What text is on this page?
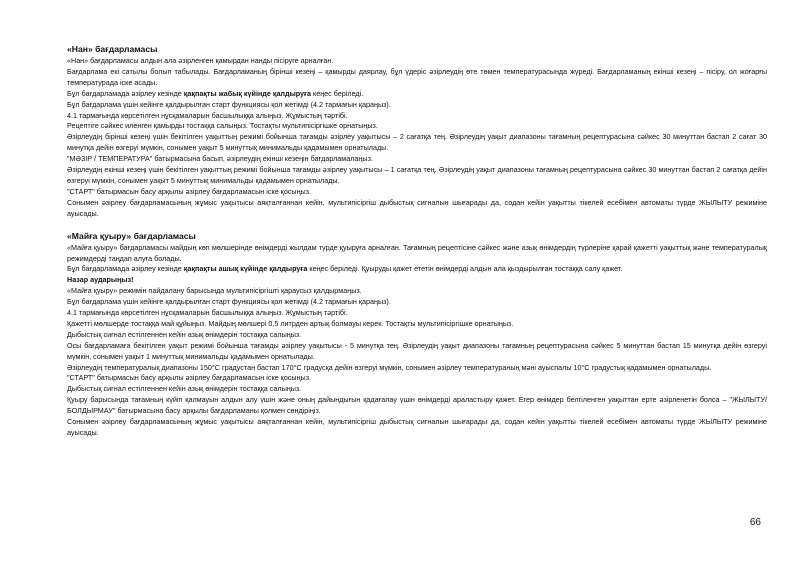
«Нан» бағдарламасы

«Нан» бағдарламасы алдын ала әзірленген қамырдан нанды пісіруге арналған.

Бағдарлама екі сатылы болып табылады. Бағдарламаның бірінші кезеңі – қамырды даярлау, бұл үдеріс әзірлеудің өте төмен температурасында жүреді. Бағдарламаның екінші кезеңі – пісіру, ол жоғарғы температурада іске асады.

Бұл бағдарламада әзірлеу кезінде қақпақты жабық күйінде қалдыруға кеңес беріледі.

Бұл бағдарлама үшін кейінге қалдырылған старт функциясы қол жетімді (4.2 тармағын қараңыз).

4.1 тармағында көрсетілген нұсқамаларын басшылыққа алыңыз. Жұмыстың тәртібі.

Рецептіге сәйкес иленген қамырды тостаққа салыңыз. Тостақты мультипісіргішке орнатыңыз.

Әзірлеудің бірінші кезеңі үшін бекітілген уақыттың режимі бойынша тағамды әзірлеу уақытысы – 2 сағатқа тең. Әзірлеудің уақыт диапазоны тағамның рецептурасына сәйкес 30 минуттан бастап 2 сағат 30 минутқа дейін өзгеруі мүмкін, сонымен уақыт 5 минуттық минимальды қадамымен орнатылады.

"МӘЗІР / ТЕМПЕРАТУРА" батырмасына басып, әзірлеудің екінші кезеңін бағдарламалаңыз.

Әзірлеудің екінші кезеңі үшін бекітілген уақыттың режимі бойынша тағамды әзірлеу уақытысы – 1 сағатқа тең. Әзірлеудің уақыт диапазоны тағамның рецептурасына сәйкес 30 минуттан бастап 2 сағатқа дейін өзгеруі мүмкін, сонымен уақыт 5 минуттық минимальды қадамымен орнатылады.

"СТАРТ" батырмасын басу арқылы әзірлеу бағдарламасын іске қосыңыз.

Сонымен әзірлеу бағдарламасының жұмыс уақытысы аяқталғаннан кейін, мультипісіргіш дыбыстық сигналын шығарады да, содан кейін уақытты тікелей есебімен автоматы түрде ЖЫЛЫТУ режиміне ауысады.

«Майға қуыру» бағдарламасы

«Майға қуыру» бағдарламасы майдың көп мөлшерінде өнімдерді жылдам түрде қуыруға арналған. Тағамның рецептісіне сәйкес және азық өнімдердің түрлеріне қарай қажетті уақыттық және температуралық режимдерді таңдап алуға болады.

Бұл бағдарламада әзірлеу кезінде қақпақты ашық күйінде қалдыруға кеңес беріледі. Қуыруды қажет ететін өнімдерді алдын ала қыздырылған тостаққа салу қажет.

Назар аударыңыз!

«Майға қуыру» режимін пайдалану барысында мультипісіргішті қараусыз қалдырмаңыз.

Бұл бағдарлама үшін кейінге қалдырылған старт функциясы қол жетімді (4.2 тармағын қараңыз).

4.1 тармағында көрсетілген нұсқамаларын басшылыққа алыңыз. Жұмыстың тәртібі.

Қажетті мөлшерде тостаққа май құйыңыз. Майдың мөлшері 0,5 литрден артық болмауы керек. Тостақты мультипісіргішке орнатыңыз.

Дыбыстық сигнал естілгеннен кейін азық өнімдерін тостаққа салыңыз.

Осы бағдарламаға бекітілген уақыт режимі бойынша тағамды әзірлеу уақытысы - 5 минутқа тең. Әзірлеудің уақыт диапазоны тағамның рецептурасына сәйкес 5 минуттан бастап 15 минутқа дейін өзгеруі мүмкін, сонымен уақыт 1 минуттық минимальды қадамымен орнатылады.

Әзірлеудің температуралық диапазоны 150°С градустан бастап 170°С градусқа дейін өзгеруі мүмкін, сонымен әзірлеу температураның мәні ауыспалы 10°С градустық қадамымен орнатылады.

"СТАРТ" батырмасын басу арқылы әзірлеу бағдарламасын іске қосыңыз.

Дыбыстық сигнал естілгеннен кейін азық өнімдерін тостаққа салыңыз.

Қуыру барысында тағамның күйіп қалмауын алдын алу үшін және оның дайындығын қадағалау үшін өнімдерді араластыру қажет. Егер өнімдер белгіленген уақыттан ерте әзірленетін болса – "ЖЫЛЫТУ/БОЛДЫРМАУ" батырмасына басу арқылы бағдарламаны қолмен сөндіріңіз.

Сонымен әзірлеу бағдарламасының жұмыс уақытысы аяқталғаннан кейін, мультипісіргіш дыбыстық сигналын шығарады да, содан кейін уақытты тікелей есебімен автоматы түрде ЖЫЛЫТУ режиміне ауысады.

66
